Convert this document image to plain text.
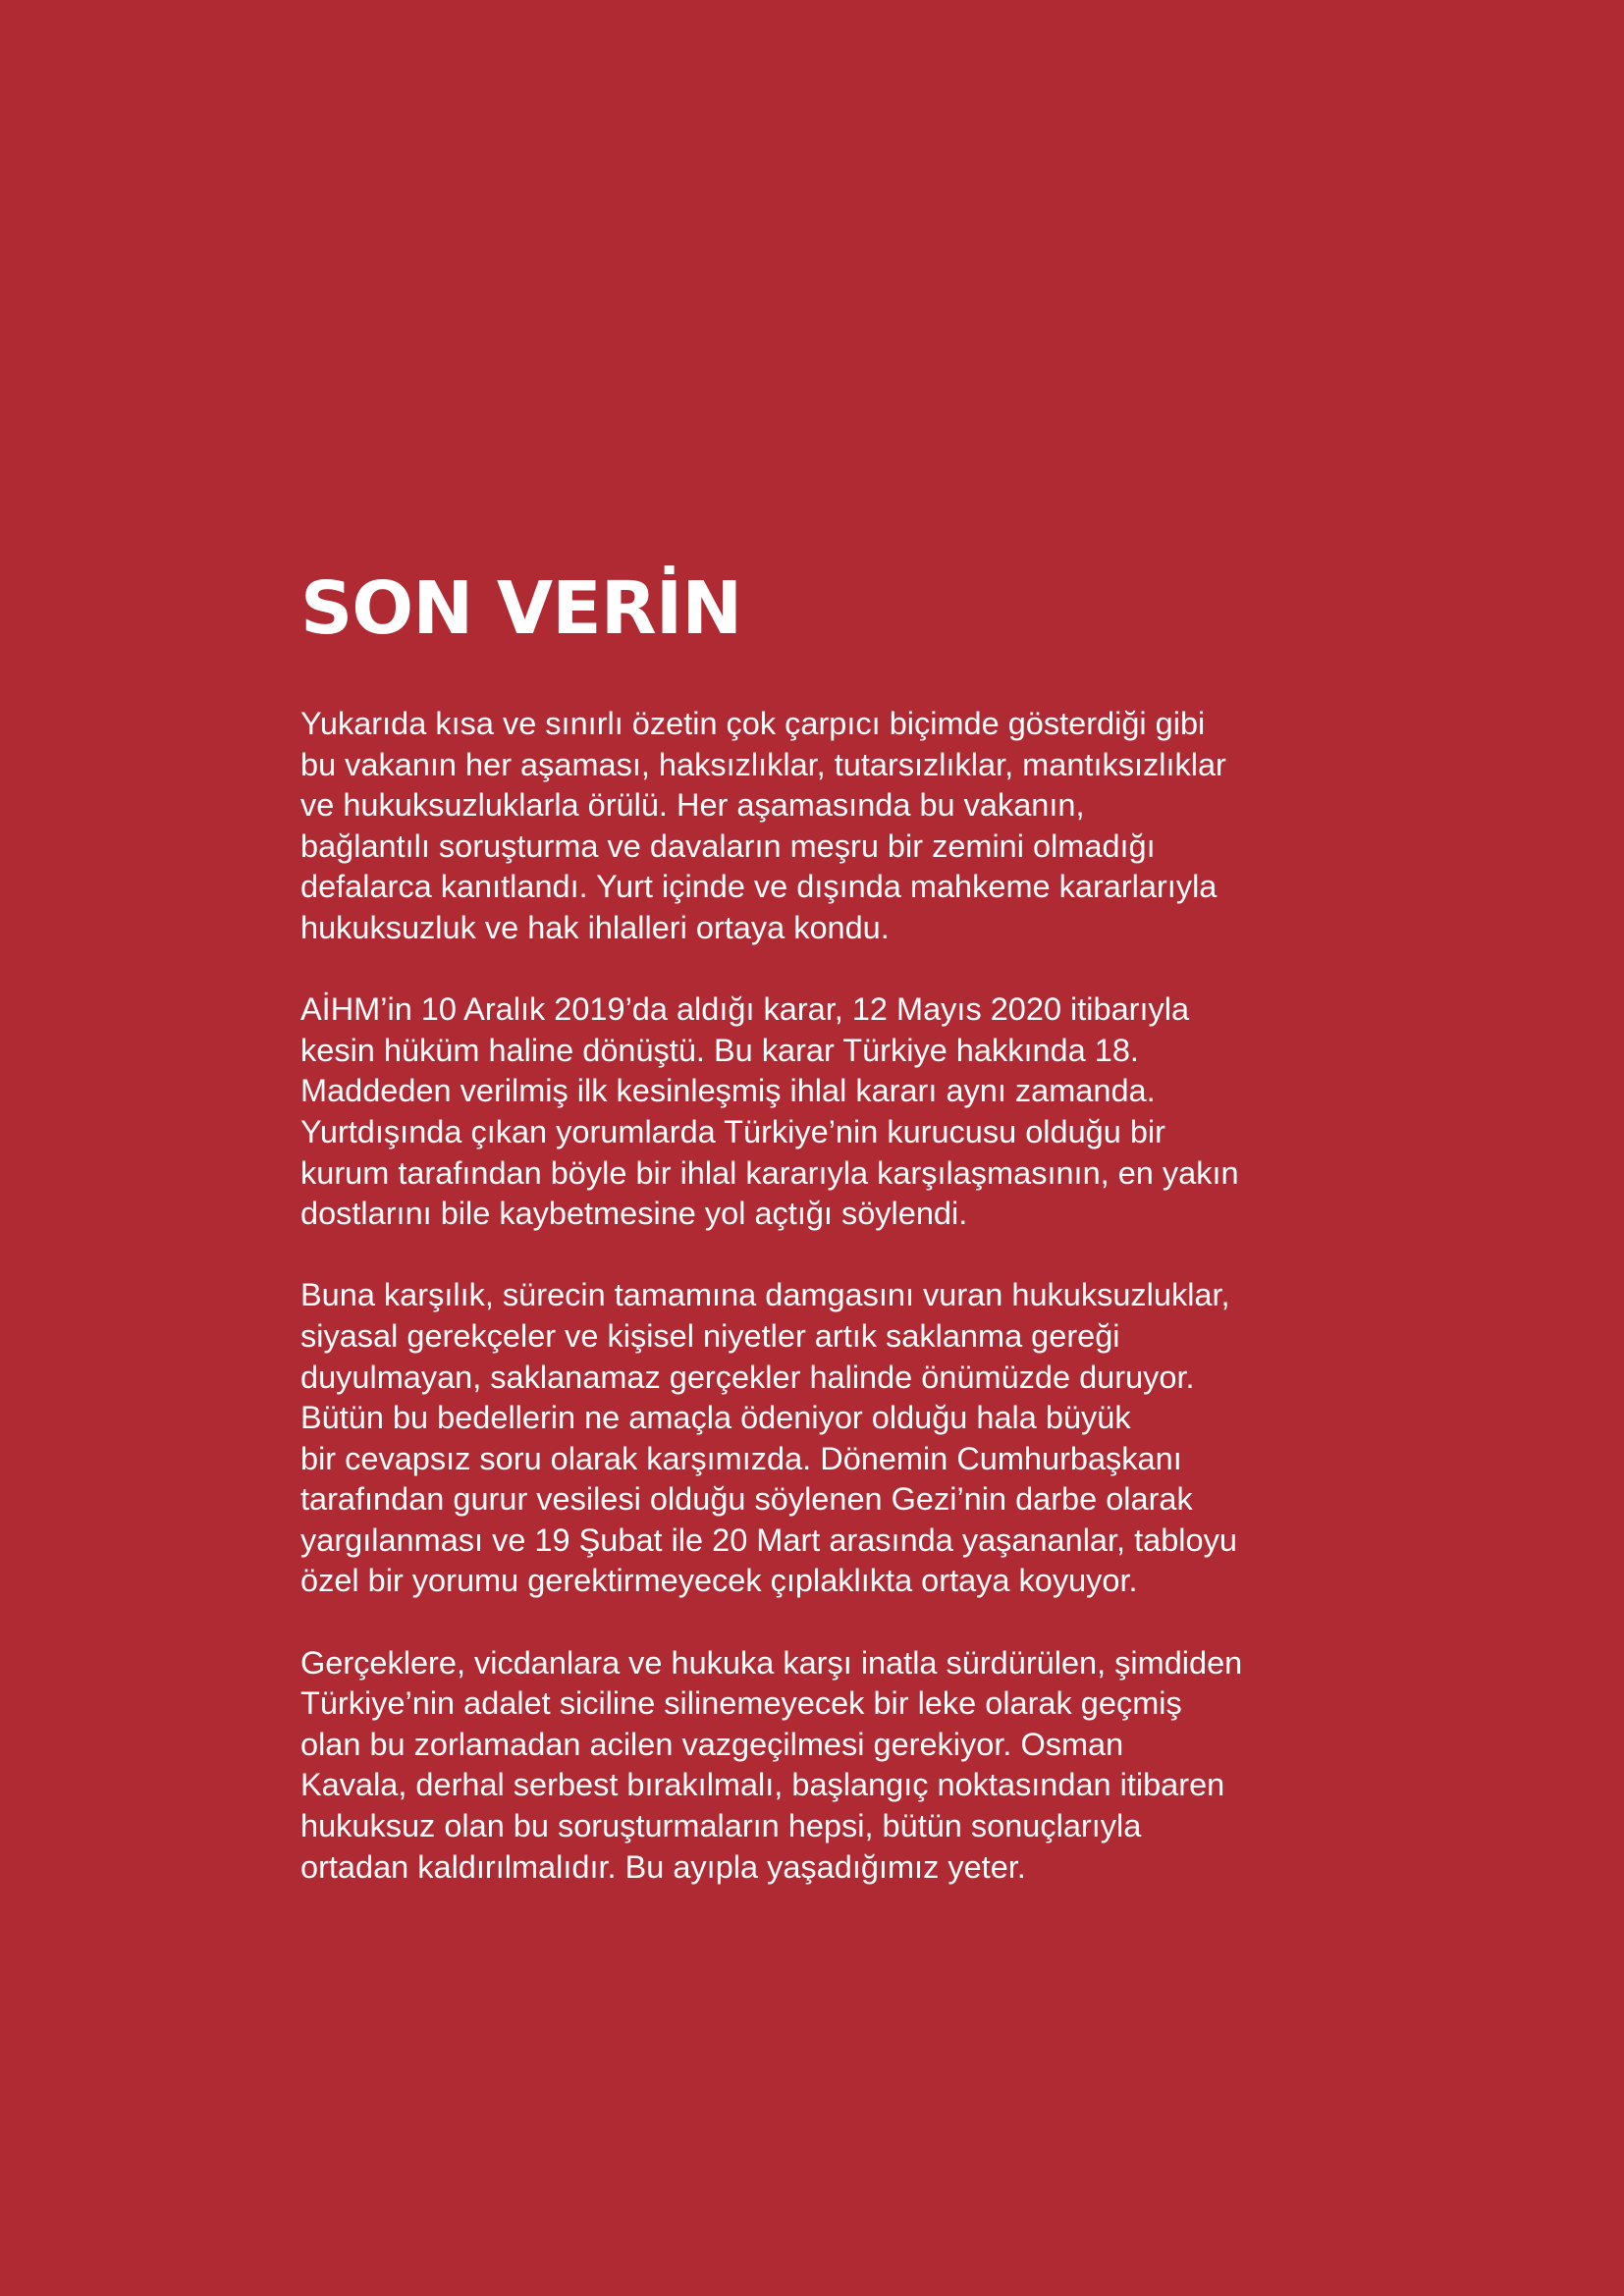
SON VERİN

Yukarıda kısa ve sınırlı özetin çok çarpıcı biçimde gösterdiği gibi
bu vakanın her aşaması, haksızlıklar, tutarsızlıklar, mantıksızlıklar
ve hukuksuzluklarla örülü. Her aşamasında bu vakanın,
bağlantılı soruşturma ve davaların meşru bir zemini olmadığı
defalarca kanıtlandı. Yurt içinde ve dışında mahkeme kararlarıyla
hukuksuzluk ve hak ihlalleri ortaya kondu.

AİHM’in 10 Aralık 2019’da aldığı karar, 12 Mayıs 2020 itibarıyla
kesin hüküm haline dönüştü. Bu karar Türkiye hakkında 18.
Maddeden verilmiş ilk kesinleşmiş ihlal kararı aynı zamanda.
Yurtdışında çıkan yorumlarda Türkiye’nin kurucusu olduğu bir
kurum tarafından böyle bir ihlal kararıyla karşılaşmasının, en yakın
dostlarını bile kaybetmesine yol açtığı söylendi.

Buna karşılık, sürecin tamamına damgasını vuran hukuksuzluklar,
siyasal gerekçeler ve kişisel niyetler artık saklanma gereği
duyulmayan, saklanamaz gerçekler halinde önümüzde duruyor.
Bütün bu bedellerin ne amaçla ödeniyor olduğu hala büyük
bir cevapsız soru olarak karşımızda. Dönemin Cumhurbaşkanı
tarafından gurur vesilesi olduğu söylenen Gezi’nin darbe olarak
yargılanması ve 19 Şubat ile 20 Mart arasında yaşananlar, tabloyu
özel bir yorumu gerektirmeyecek çıplaklıkta ortaya koyuyor.

Gerçeklere, vicdanlara ve hukuka karşı inatla sürdürülen, şimdiden
Türkiye’nin adalet siciline silinemeyecek bir leke olarak geçmiş
olan bu zorlamadan acilen vazgeçilmesi gerekiyor. Osman
Kavala, derhal serbest bırakılmalı, başlangıç noktasından itibaren
hukuksuz olan bu soruşturmaların hepsi, bütün sonuçlarıyla
ortadan kaldırılmalıdır. Bu ayıpla yaşadığımız yeter.
